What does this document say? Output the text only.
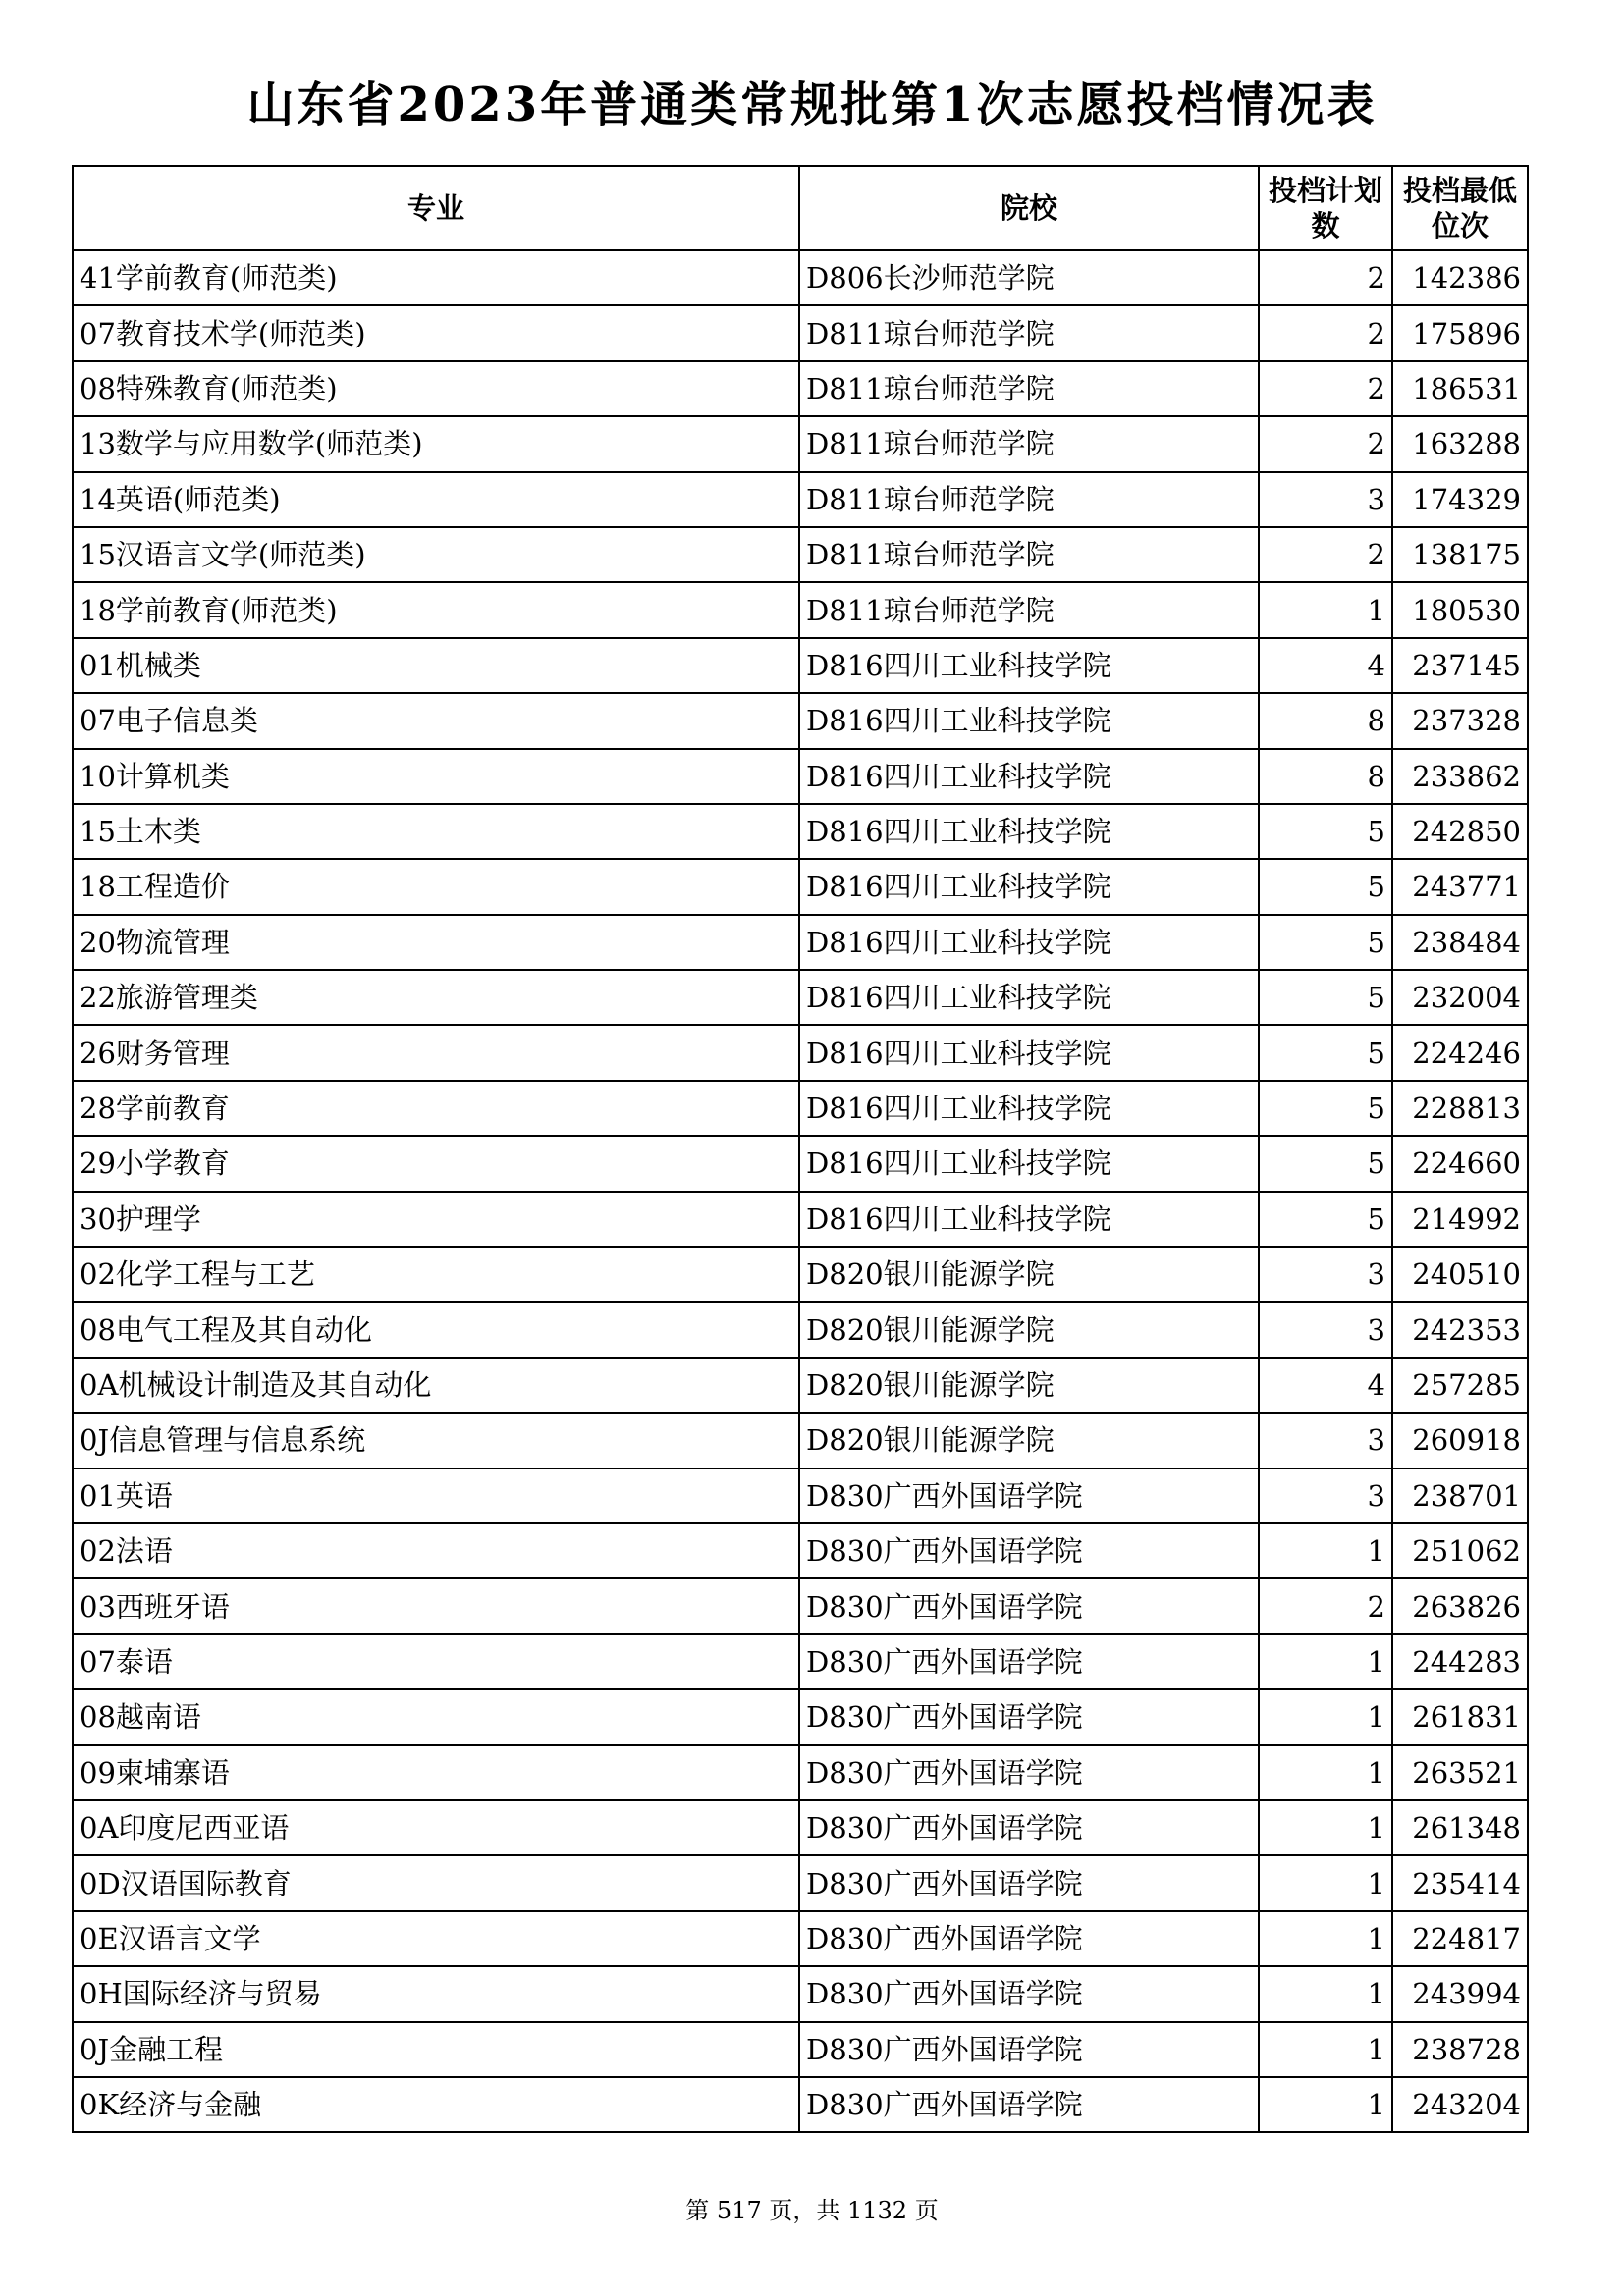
山东省2023年普通类常规批第1次志愿投档情况表
专业	院校	投档计划数	投档最低位次
41学前教育(师范类)	D806长沙师范学院	2	142386
07教育技术学(师范类)	D811琼台师范学院	2	175896
08特殊教育(师范类)	D811琼台师范学院	2	186531
13数学与应用数学(师范类)	D811琼台师范学院	2	163288
14英语(师范类)	D811琼台师范学院	3	174329
15汉语言文学(师范类)	D811琼台师范学院	2	138175
18学前教育(师范类)	D811琼台师范学院	1	180530
01机械类	D816四川工业科技学院	4	237145
07电子信息类	D816四川工业科技学院	8	237328
10计算机类	D816四川工业科技学院	8	233862
15土木类	D816四川工业科技学院	5	242850
18工程造价	D816四川工业科技学院	5	243771
20物流管理	D816四川工业科技学院	5	238484
22旅游管理类	D816四川工业科技学院	5	232004
26财务管理	D816四川工业科技学院	5	224246
28学前教育	D816四川工业科技学院	5	228813
29小学教育	D816四川工业科技学院	5	224660
30护理学	D816四川工业科技学院	5	214992
02化学工程与工艺	D820银川能源学院	3	240510
08电气工程及其自动化	D820银川能源学院	3	242353
0A机械设计制造及其自动化	D820银川能源学院	4	257285
0J信息管理与信息系统	D820银川能源学院	3	260918
01英语	D830广西外国语学院	3	238701
02法语	D830广西外国语学院	1	251062
03西班牙语	D830广西外国语学院	2	263826
07泰语	D830广西外国语学院	1	244283
08越南语	D830广西外国语学院	1	261831
09柬埔寨语	D830广西外国语学院	1	263521
0A印度尼西亚语	D830广西外国语学院	1	261348
0D汉语国际教育	D830广西外国语学院	1	235414
0E汉语言文学	D830广西外国语学院	1	224817
0H国际经济与贸易	D830广西外国语学院	1	243994
0J金融工程	D830广西外国语学院	1	238728
0K经济与金融	D830广西外国语学院	1	243204
第 517 页，共 1132 页
